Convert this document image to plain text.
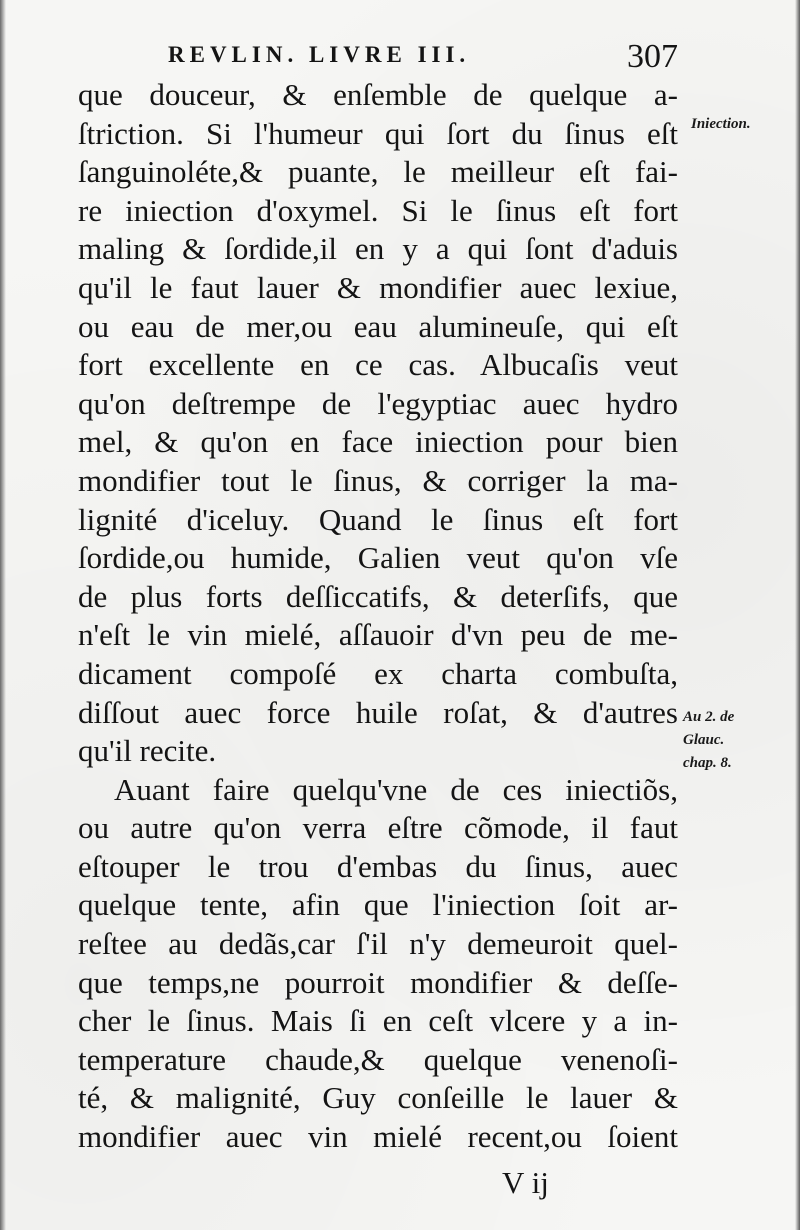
REVLIN. LIVRE III.	307
que douceur, & enſemble de quelque a-
ſtriction. Si l'humeur qui ſort du ſinus eſt
ſanguinoléte,& puante, le meilleur eſt fai-
re iniection d'oxymel. Si le ſinus eſt fort
maling & ſordide,il en y a qui ſont d'aduis
qu'il le faut lauer & mondifier auec lexiue,
ou eau de mer,ou eau alumineuſe, qui eſt
fort excellente en ce cas. Albucaſis veut
qu'on deſtrempe de l'egyptiac auec hydro
mel, & qu'on en face iniection pour bien
mondifier tout le ſinus, & corriger la ma-
lignité d'iceluy. Quand le ſinus eſt fort
ſordide,ou humide, Galien veut qu'on vſe
de plus forts deſſiccatifs, & deterſifs, que
n'eſt le vin mielé, aſſauoir d'vn peu de me-
dicament compoſé ex charta combuſta,
diſſout auec force huile roſat, & d'autres
qu'il recite.
Auant faire quelqu'vne de ces iniectiõs,
ou autre qu'on verra eſtre cõmode, il faut
eſtouper le trou d'embas du ſinus, auec
quelque tente, afin que l'iniection ſoit ar-
reſtee au dedãs,car ſ'il n'y demeuroit quel-
que temps,ne pourroit mondifier & deſſe-
cher le ſinus. Mais ſi en ceſt vlcere y a in-
temperature chaude,& quelque venenoſi-
té, & malignité, Guy conſeille le lauer &
mondifier auec vin mielé recent,ou ſoient
Iniection.
Au 2. de
Glauc.
chap. 8.
V ij
